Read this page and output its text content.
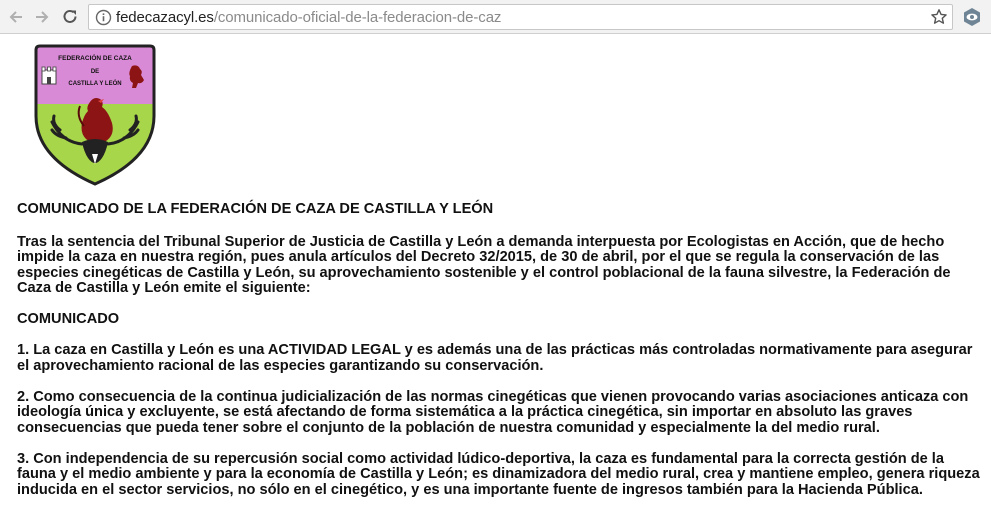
fedecazacyl.es/comunicado-oficial-de-la-federacion-de-caz
FEDERACIÓN DE CAZA
DE
CASTILLA Y LEÓN

COMUNICADO DE LA FEDERACIÓN DE CAZA DE CASTILLA Y LEÓN

Tras la sentencia del Tribunal Superior de Justicia de Castilla y León a demanda interpuesta por Ecologistas en Acción, que de hecho impide la caza en nuestra región, pues anula artículos del Decreto 32/2015, de 30 de abril, por el que se regula la conservación de las especies cinegéticas de Castilla y León, su aprovechamiento sostenible y el control poblacional de la fauna silvestre, la Federación de Caza de Castilla y León emite el siguiente:

COMUNICADO

1. La caza en Castilla y León es una ACTIVIDAD LEGAL y es además una de las prácticas más controladas normativamente para asegurar el aprovechamiento racional de las especies garantizando su conservación.

2. Como consecuencia de la continua judicialización de las normas cinegéticas que vienen provocando varias asociaciones anticaza con ideología única y excluyente, se está afectando de forma sistemática a la práctica cinegética, sin importar en absoluto las graves consecuencias que pueda tener sobre el conjunto de la población de nuestra comunidad y especialmente la del medio rural.

3. Con independencia de su repercusión social como actividad lúdico-deportiva, la caza es fundamental para la correcta gestión de la fauna y el medio ambiente y para la economía de Castilla y León; es dinamizadora del medio rural, crea y mantiene empleo, genera riqueza inducida en el sector servicios, no sólo en el cinegético, y es una importante fuente de ingresos también para la Hacienda Pública.
